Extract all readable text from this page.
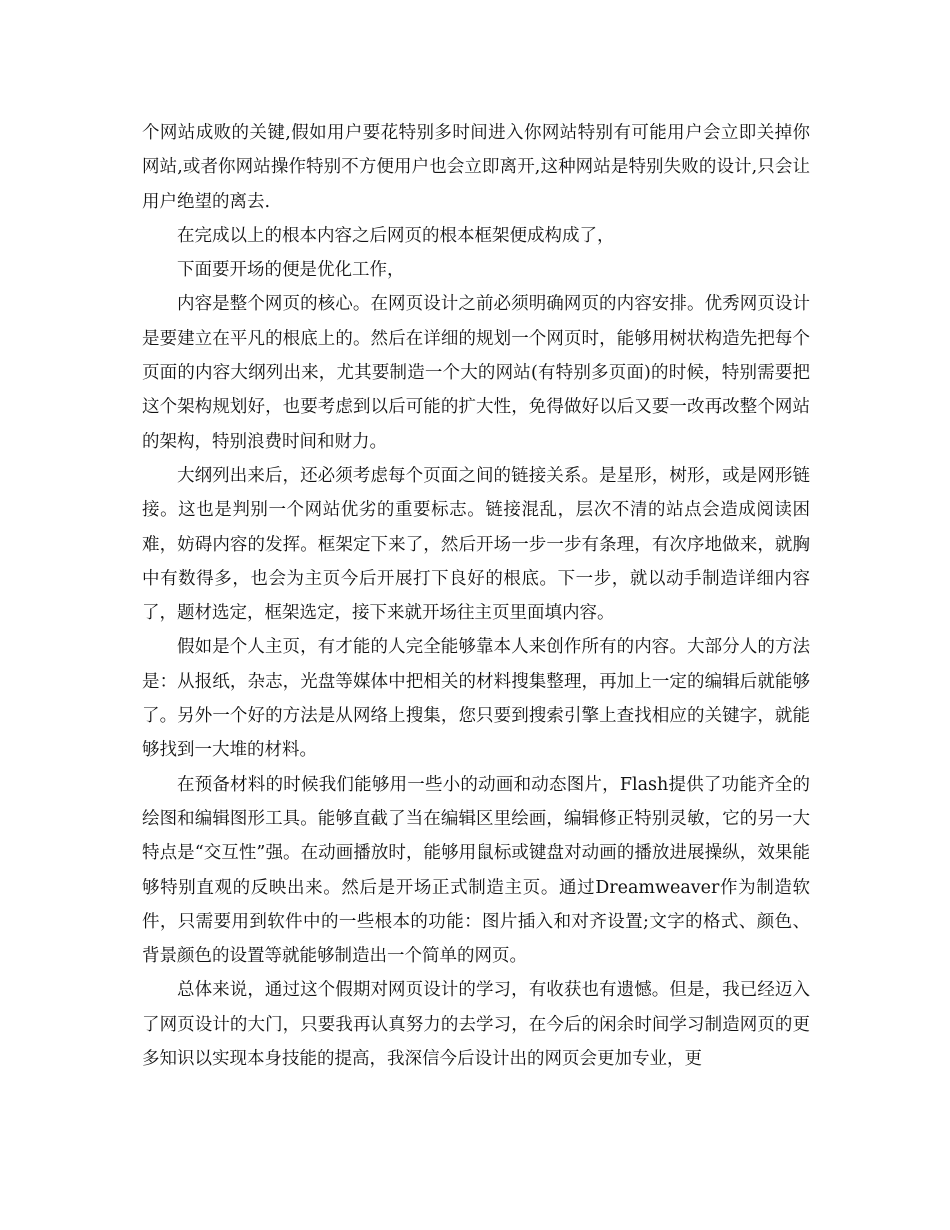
个网站成败的关键,假如用户要花特别多时间进入你网站特别有可能用户会立即关掉你网站,或者你网站操作特别不方便用户也会立即离开,这种网站是特别失败的设计,只会让用户绝望的离去.

在完成以上的根本内容之后网页的根本框架便成构成了，

下面要开场的便是优化工作，

内容是整个网页的核心。在网页设计之前必须明确网页的内容安排。优秀网页设计是要建立在平凡的根底上的。然后在详细的规划一个网页时，能够用树状构造先把每个页面的内容大纲列出来，尤其要制造一个大的网站(有特别多页面)的时候，特别需要把这个架构规划好，也要考虑到以后可能的扩大性，免得做好以后又要一改再改整个网站的架构，特别浪费时间和财力。

大纲列出来后，还必须考虑每个页面之间的链接关系。是星形，树形，或是网形链接。这也是判别一个网站优劣的重要标志。链接混乱，层次不清的站点会造成阅读困难，妨碍内容的发挥。框架定下来了，然后开场一步一步有条理，有次序地做来，就胸中有数得多，也会为主页今后开展打下良好的根底。下一步，就以动手制造详细内容了，题材选定，框架选定，接下来就开场往主页里面填内容。

假如是个人主页，有才能的人完全能够靠本人来创作所有的内容。大部分人的方法是：从报纸，杂志，光盘等媒体中把相关的材料搜集整理，再加上一定的编辑后就能够了。另外一个好的方法是从网络上搜集，您只要到搜索引擎上查找相应的关键字，就能够找到一大堆的材料。

在预备材料的时候我们能够用一些小的动画和动态图片，Flash提供了功能齐全的绘图和编辑图形工具。能够直截了当在编辑区里绘画，编辑修正特别灵敏，它的另一大特点是“交互性”强。在动画播放时，能够用鼠标或键盘对动画的播放进展操纵，效果能够特别直观的反映出来。然后是开场正式制造主页。通过Dreamweaver作为制造软件，只需要用到软件中的一些根本的功能：图片插入和对齐设置;文字的格式、颜色、背景颜色的设置等就能够制造出一个简单的网页。

总体来说，通过这个假期对网页设计的学习，有收获也有遗憾。但是，我已经迈入了网页设计的大门，只要我再认真努力的去学习，在今后的闲余时间学习制造网页的更多知识以实现本身技能的提高，我深信今后设计出的网页会更加专业，更
